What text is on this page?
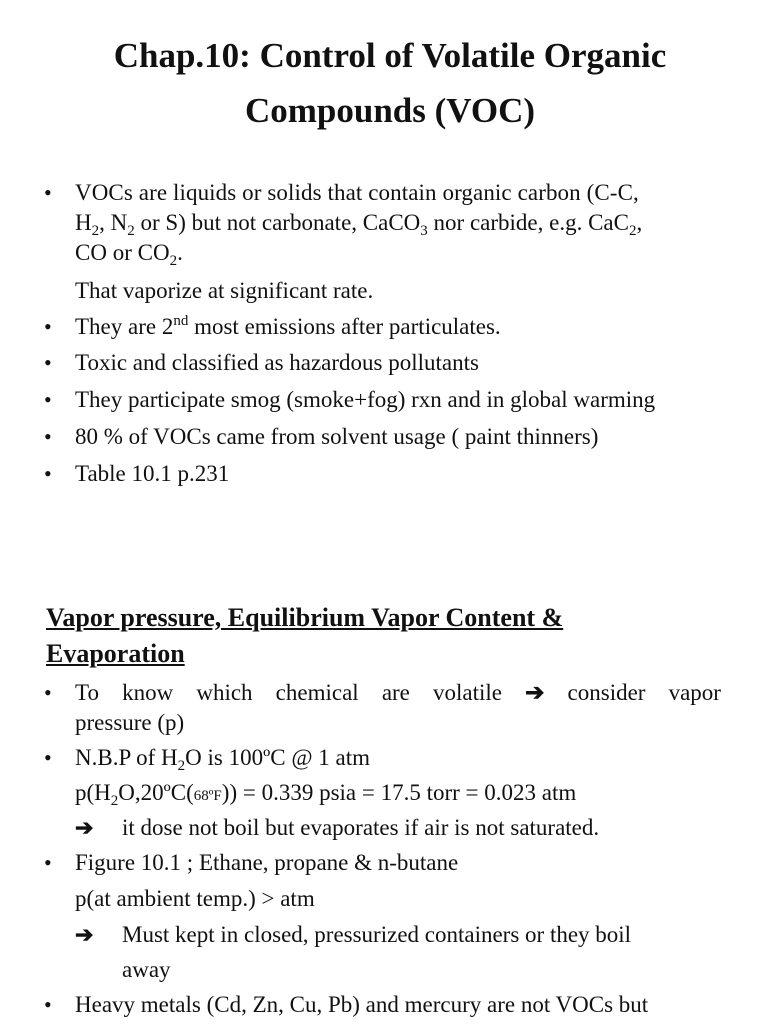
Chap.10: Control of Volatile Organic
Compounds (VOC)
• VOCs are liquids or solids that contain organic carbon (C-C,
$H_2$, $N_2$ or S) but not carbonate, CaCO$_3$ nor carbide, e.g. CaC$_2$,
CO or $CO_2$.
That vaporize at significant rate.
• They are 2nd most emissions after particulates.
• Toxic and classified as hazardous pollutants
• They participate smog (smoke+fog) rxn and in global warming
• 80 % of VOCs came from solvent usage ( paint thinners)
• Table 10.1 p.231
Vapor pressure, Equilibrium Vapor Content &
Evaporation
• To know which chemical are volatile ➔ consider vapor
pressure (p)
• N.B.P of $H_2O$ is 100ºC @ 1 atm
$p(H_2O,20ºC(68ºF)) = 0.339$ psia = 17.5 torr = 0.023 atm
➔ it dose not boil but evaporates if air is not saturated.
• Figure 10.1 ; Ethane, propane & n-butane
p(at ambient temp.) > atm
➔ Must kept in closed, pressurized containers or they boil
away
• Heavy metals (Cd, Zn, Cu, Pb) and mercury are not VOCs but
